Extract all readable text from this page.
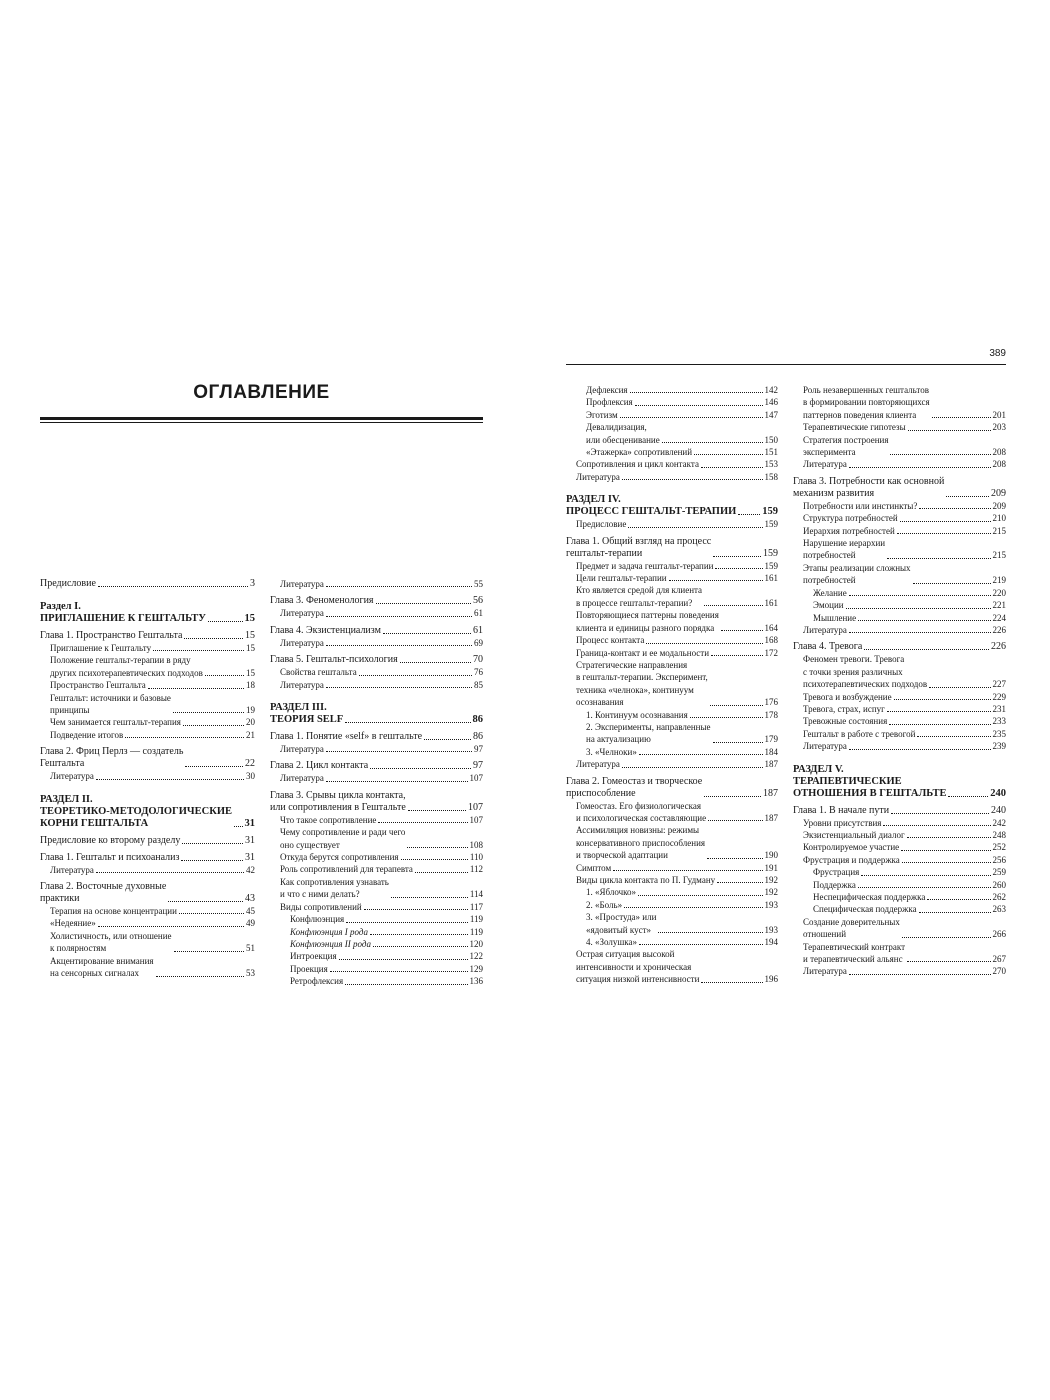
ОГЛАВЛЕНИЕ
389
Предисловие	3
Раздел I.
ПРИГЛАШЕНИЕ К ГЕШТАЛЬТУ	15
Глава 1. Пространство Гештальта	15
Приглашение к Гештальту	15
Положение гештальт-терапии в ряду
других психотерапевтических подходов	15
Пространство Гештальта	18
Гештальт: источники и базовые
принципы	19
Чем занимается гештальт-терапия	20
Подведение итогов	21
Глава 2. Фриц Перлз — создатель
Гештальта	22
Литература	30
РАЗДЕЛ II.
ТЕОРЕТИКО-МЕТОДОЛОГИЧЕСКИЕ
КОРНИ ГЕШТАЛЬТА	31
Предисловие ко второму разделу	31
Глава 1. Гештальт и психоанализ	31
Литература	42
Глава 2. Восточные духовные
практики	43
Терапия на основе концентрации	45
«Недеяние»	49
Холистичность, или отношение
к полярностям	51
Акцентирование внимания
на сенсорных сигналах	53
Литература	55
Глава 3. Феноменология	56
Литература	61
Глава 4. Экзистенциализм	61
Литература	69
Глава 5. Гештальт-психология	70
Свойства гештальта	76
Литература	85
РАЗДЕЛ III.
ТЕОРИЯ SELF	86
Глава 1. Понятие «self» в гештальте	86
Литература	97
Глава 2. Цикл контакта	97
Литература	107
Глава 3. Срывы цикла контакта,
или сопротивления в Гештальте	107
Что такое сопротивление	107
Чему сопротивление и ради чего
оно существует	108
Откуда берутся сопротивления	110
Роль сопротивлений для терапевта	112
Как сопротивления узнавать
и что с ними делать?	114
Виды сопротивлений	117
Конфлюэнция	119
Конфлюэнция I рода	119
Конфлюэнция II рода	120
Интроекция	122
Проекция	129
Ретрофлексия	136
Дефлексия	142
Профлексия	146
Эготизм	147
Девалидизация,
или обесценивание	150
«Этажерка» сопротивлений	151
Сопротивления и цикл контакта	153
Литература	158
РАЗДЕЛ IV.
ПРОЦЕСС ГЕШТАЛЬТ-ТЕРАПИИ 159
Предисловие	159
Глава 1. Общий взгляд на процесс
гештальт-терапии	159
Предмет и задача гештальт-терапии	159
Цели гештальт-терапии	161
Кто является средой для клиента
в процессе гештальт-терапии?	161
Повторяющиеся паттерны поведения
клиента и единицы разного порядка	164
Процесс контакта	168
Граница-контакт и ее модальности	172
Стратегические направления
в гештальт-терапии. Эксперимент,
техника «челнока», континуум
осознавания	176
1. Континуум осознавания	178
2. Эксперименты, направленные
на актуализацию	179
3. «Челноки»	184
Литература	187
Глава 2. Гомеостаз и творческое
приспособление	187
Гомеостаз. Его физиологическая
и психологическая составляющие	187
Ассимиляция новизны: режимы
консервативного приспособления
и творческой адаптации	190
Симптом	191
Виды цикла контакта по П. Гудману	192
1. «Яблочко»	192
2. «Боль»	193
3. «Простуда» или
«ядовитый куст»	193
4. «Золушка»	194
Острая ситуация высокой
интенсивности и хроническая
ситуация низкой интенсивности	196
Роль незавершенных гештальтов
в формировании повторяющихся
паттернов поведения клиента	201
Терапевтические гипотезы	203
Стратегия построения
эксперимента	208
Литература	208
Глава 3. Потребности как основной
механизм развития	209
Потребности или инстинкты?	209
Структура потребностей	210
Иерархия потребностей	215
Нарушение иерархии
потребностей	215
Этапы реализации сложных
потребностей	219
Желание	220
Эмоции	221
Мышление	224
Литература	226
Глава 4. Тревога	226
Феномен тревоги. Тревога
с точки зрения различных
психотерапевтических подходов	227
Тревога и возбуждение	229
Тревога, страх, испуг	231
Тревожные состояния	233
Гештальт в работе с тревогой	235
Литература	239
РАЗДЕЛ V.
ТЕРАПЕВТИЧЕСКИЕ
ОТНОШЕНИЯ В ГЕШТАЛЬТЕ	240
Глава 1. В начале пути	240
Уровни присутствия	242
Экзистенциальный диалог	248
Контролируемое участие	252
Фрустрация и поддержка	256
Фрустрация	259
Поддержка	260
Неспецифическая поддержка	262
Специфическая поддержка	263
Создание доверительных
отношений	266
Терапевтический контракт
и терапевтический альянс	267
Литература	270
